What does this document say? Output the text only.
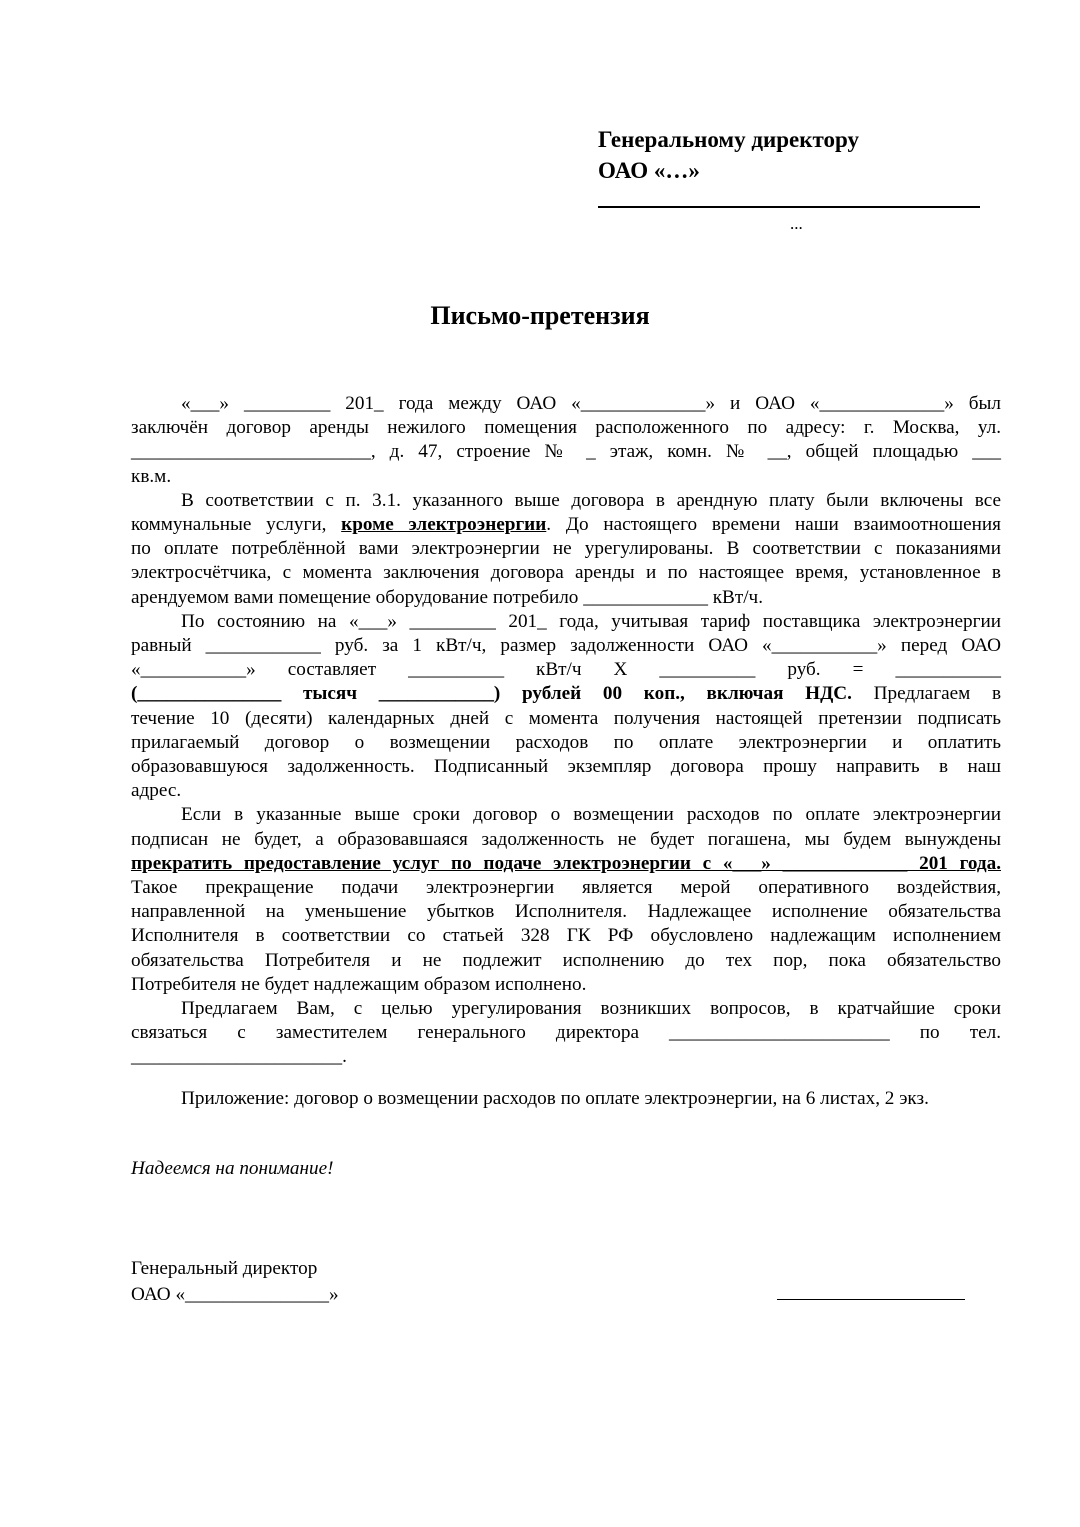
Генеральному директору
ОАО «…»
...
Письмо-претензия

«___» _________ 201_ года между ОАО «_____________» и ОАО «_____________» был

заключён договор аренды нежилого помещения расположенного по адресу: г. Москва, ул.

_________________________, д. 47, строение № _ этаж, комн. № __, общей площадью ___

кв.м.

В соответствии с п. 3.1. указанного выше договора в арендную плату были включены все

коммунальные услуги, кроме электроэнергии. До настоящего времени наши взаимоотношения

по оплате потреблённой вами электроэнергии не урегулированы. В соответствии с показаниями

электросчётчика, с момента заключения договора аренды и по настоящее время, установленное в

арендуемом вами помещение оборудование потребило _____________ кВт/ч.

По состоянию на «___» _________ 201_ года, учитывая тариф поставщика электроэнергии

равный ____________ руб. за 1 кВт/ч, размер задолженности ОАО «___________» перед ОАО

«___________» составляет __________ кВт/ч Х __________ руб. = ___________

(_______________ тысяч ____________) рублей 00 коп., включая НДС. Предлагаем в

течение 10 (десяти) календарных дней с момента получения настоящей претензии подписать

прилагаемый договор о возмещении расходов по оплате электроэнергии и оплатить

образовавшуюся задолженность. Подписанный экземпляр договора прошу направить в наш

адрес.

Если в указанные выше сроки договор о возмещении расходов по оплате электроэнергии

подписан не будет, а образовавшаяся задолженность не будет погашена, мы будем вынуждены

прекратить предоставление услуг по подаче электроэнергии с «___» _____________ 201 года.

Такое прекращение подачи электроэнергии является мерой оперативного воздействия,

направленной на уменьшение убытков Исполнителя. Надлежащее исполнение обязательства

Исполнителя в соответствии со статьей 328 ГК РФ обусловлено надлежащим исполнением

обязательства Потребителя и не подлежит исполнению до тех пор, пока обязательство

Потребителя не будет надлежащим образом исполнено.

Предлагаем Вам, с целью урегулирования возникших вопросов, в кратчайшие сроки

связаться с заместителем генерального директора _______________________ по тел.

______________________.

Приложение: договор о возмещении расходов по оплате электроэнергии, на 6 листах, 2 экз.
Надеемся на понимание!
Генеральный директор
ОАО «_______________»
